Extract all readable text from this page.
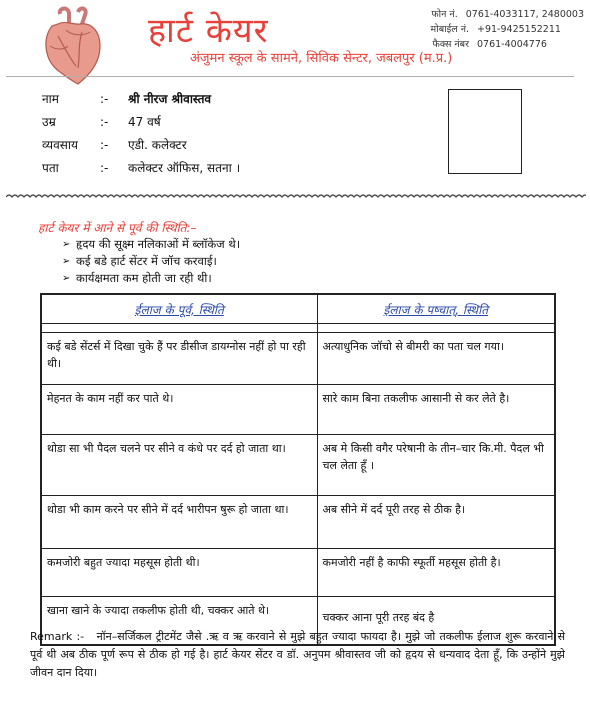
हार्ट केयर
अंजुमन स्कूल के सामने, सिविक सेन्टर, जबलपुर (म.प्र.)
फोन नं. 0761-4033117, 2480003
मोबाईल नं. +91-9425152211
फैक्स नंबर 0761-4004776
नाम	:-	श्री नीरज श्रीवास्तव
उम्र	:-	47 वर्ष
व्यवसाय	:-	एडी. कलेक्टर
पता	:-	कलेक्टर ऑफिस, सतना ।
हार्ट केयर में आने से पूर्व की स्थिति:–
➢ हृदय की सूक्ष्म नलिकाओं में ब्लॉकेज थे।
➢ कई बडे हार्ट सेंटर में जॉच करवाई।
➢ कार्यक्षमता कम होती जा रही थी।
ईलाज के पूर्व, स्थिति	ईलाज के पष्चात्, स्थिति

कई बडे सेंटर्स में दिखा चुके हैं पर डीसीज डायग्नोस नहीं हो पा रही थी।	अत्याधुनिक जॉचो से बीमरी का पता चल गया।
मेहनत के काम नहीं कर पाते थे।	सारे काम बिना तकलीफ आसानी से कर लेते है।
थोडा सा भी पैदल चलने पर सीने व कंधे पर दर्द हो जाता था।	अब मे किसी वगैर परेषानी के तीन–चार कि.मी. पैदल भी चल लेता हूँ ।
थोडा भी काम करने पर सीने में दर्द भारीपन षुरू हो जाता था।	अब सीने में दर्द पूरी तरह से ठीक है।
कमजोरी बहुत ज्यादा महसूस होती थी।	कमजोरी नहीं है काफी स्फूर्ती महसूस होती है।
खाना खाने के ज्यादा तकलीफ होती थी, चक्कर आते थे।	चक्कर आना पूरी तरह बंद है
Remark :- नॉन–सर्जिकल ट्रीटमेंट जैसे .ऋ व ऋ करवाने से मुझे बहुत ज्यादा फायदा है। मुझे जो तकलीफ ईलाज शुरू करवाने से पूर्व थी अब ठीक पूर्ण रूप से ठीक हो गई है। हार्ट केयर सेंटर व डॉ. अनुपम श्रीवास्तव जी को हृदय से धन्यवाद देता हूँ, कि उन्होंने मुझे जीवन दान दिया।
